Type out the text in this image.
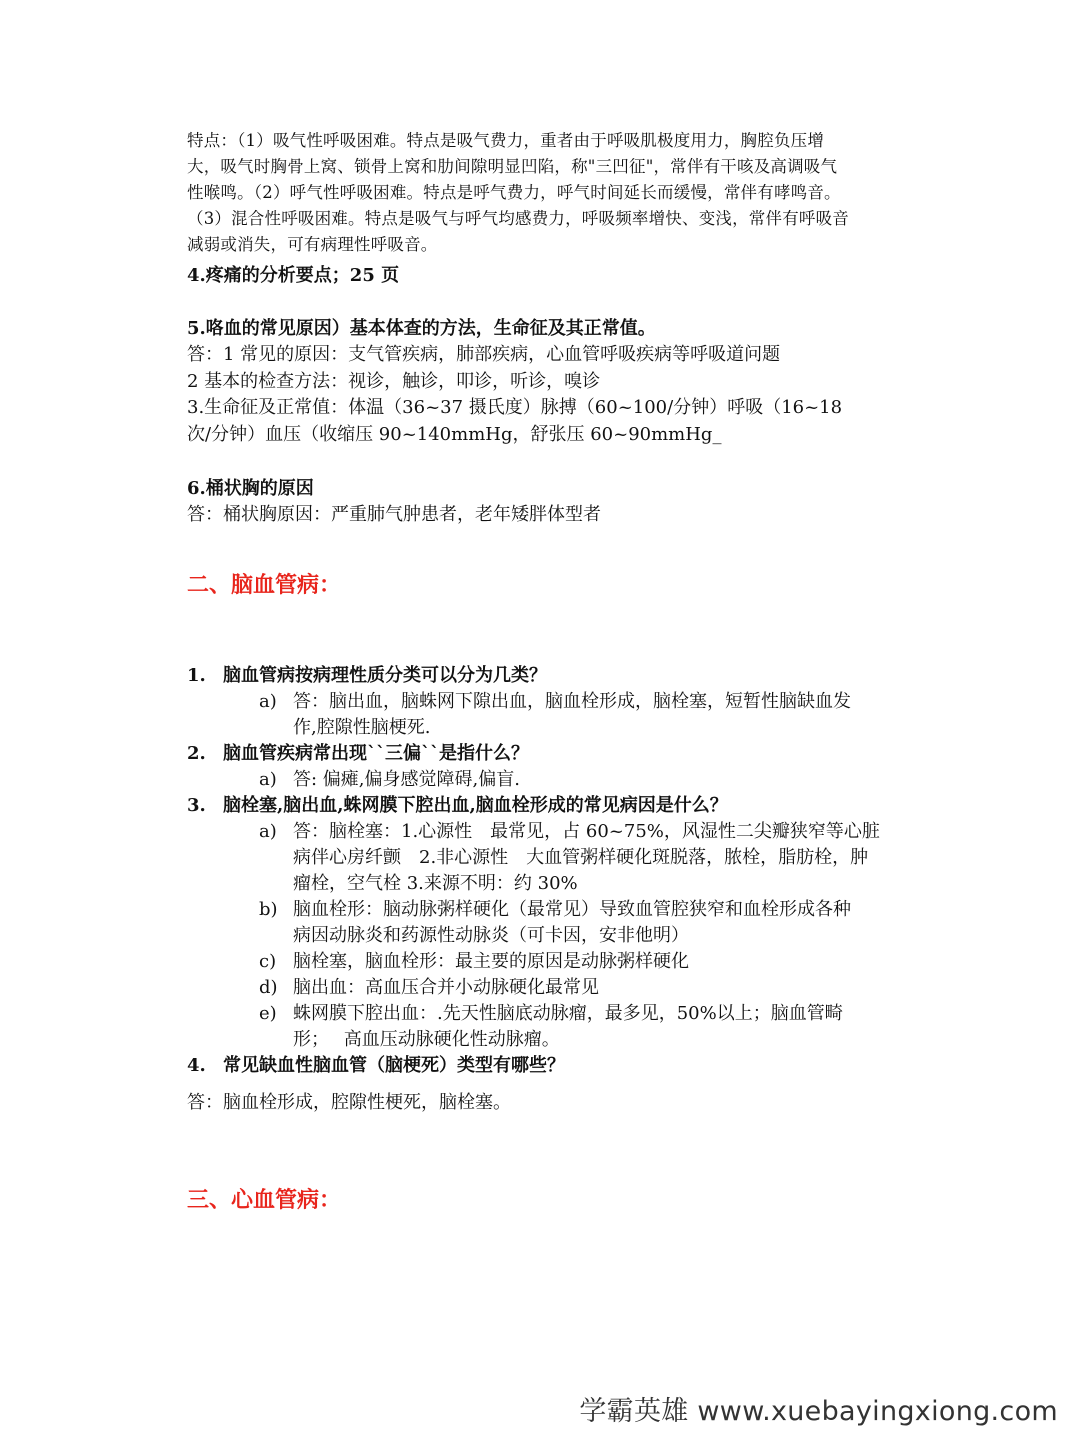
特点：（1）吸气性呼吸困难。特点是吸气费力，重者由于呼吸肌极度用力，胸腔负压增
大，吸气时胸骨上窝、锁骨上窝和肋间隙明显凹陷，称"三凹征"，常伴有干咳及高调吸气
性喉鸣。（2）呼气性呼吸困难。特点是呼气费力，呼气时间延长而缓慢，常伴有哮鸣音。
（3）混合性呼吸困难。特点是吸气与呼气均感费力，呼吸频率增快、变浅，常伴有呼吸音
减弱或消失，可有病理性呼吸音。

4.疼痛的分析要点；25 页

5.咯血的常见原因）基本体查的方法，生命征及其正常值。

答：1 常见的原因：支气管疾病，肺部疾病，心血管呼吸疾病等呼吸道问题
2 基本的检查方法：视诊，触诊，叩诊，听诊，嗅诊
3.生命征及正常值：体温（36~37 摄氏度）脉搏（60~100/分钟）呼吸（16~18
次/分钟）血压（收缩压 90~140mmHg，舒张压 60~90mmHg_

6.桶状胸的原因

答：桶状胸原因：严重肺气肿患者，老年矮胖体型者

二、脑血管病：
1. 脑血管病按病理性质分类可以分为几类？
a) 答：脑出血，脑蛛网下隙出血，脑血栓形成，脑栓塞，短暂性脑缺血发
作,腔隙性脑梗死.
2. 脑血管疾病常出现``三偏``是指什么？
a) 答: 偏瘫,偏身感觉障碍,偏盲.
3. 脑栓塞,脑出血,蛛网膜下腔出血,脑血栓形成的常见病因是什么？
a) 答：脑栓塞：1.心源性　最常见，占 60~75%，风湿性二尖瓣狭窄等心脏
病伴心房纤颤　2.非心源性　大血管粥样硬化斑脱落，脓栓，脂肪栓，肿
瘤栓，空气栓 3.来源不明：约 30%
b) 脑血栓形：脑动脉粥样硬化（最常见）导致血管腔狭窄和血栓形成各种
病因动脉炎和药源性动脉炎（可卡因，安非他明）
c) 脑栓塞，脑血栓形：最主要的原因是动脉粥样硬化
d) 脑出血：高血压合并小动脉硬化最常见
e) 蛛网膜下腔出血：.先天性脑底动脉瘤，最多见，50%以上；脑血管畸
形；　 高血压动脉硬化性动脉瘤。
4. 常见缺血性脑血管（脑梗死）类型有哪些？

答：脑血栓形成，腔隙性梗死，脑栓塞。

三、心血管病：
学霸英雄 www.xuebayingxiong.com
